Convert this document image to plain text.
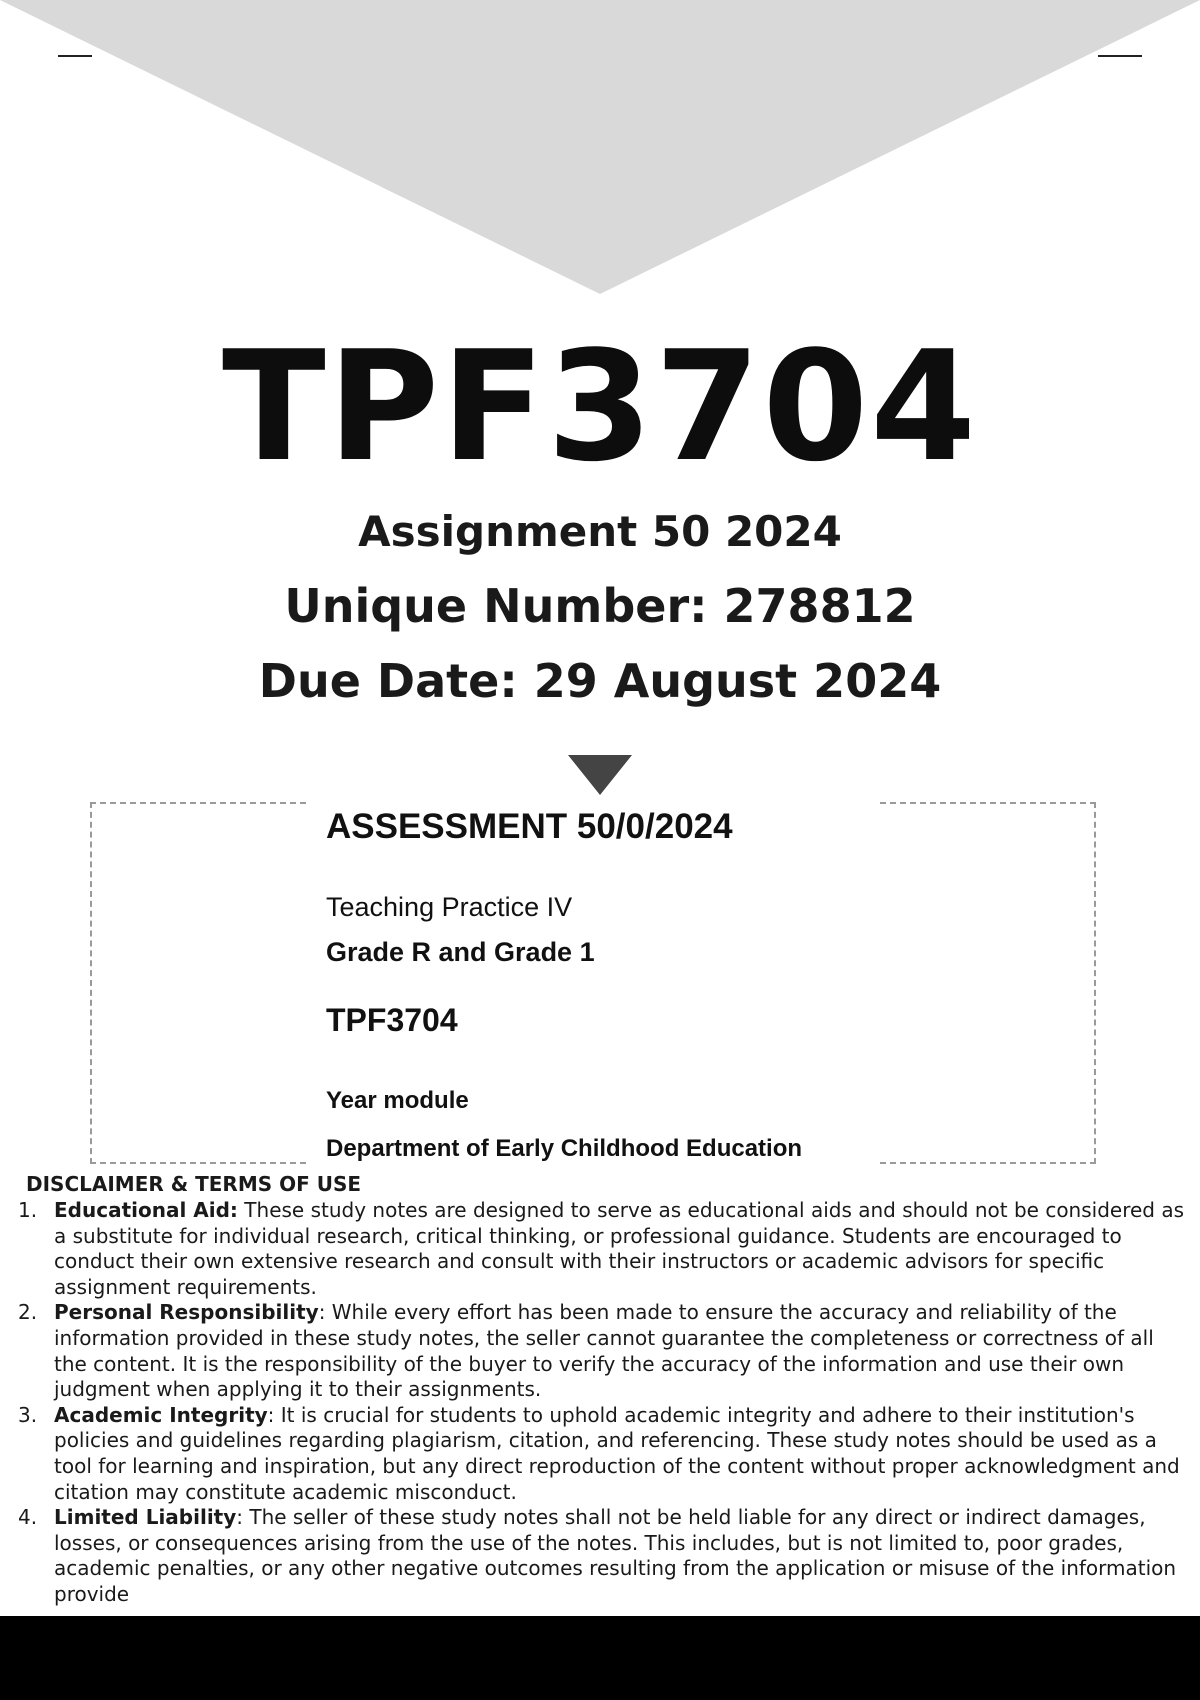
TPF3704
Assignment 50 2024
Unique Number: 278812
Due Date: 29 August 2024
ASSESSMENT 50/0/2024
Teaching Practice IV
Grade R and Grade 1
TPF3704
Year module
Department of Early Childhood Education
DISCLAIMER & TERMS OF USE
1. Educational Aid: These study notes are designed to serve as educational aids and should not be considered as a substitute for individual research, critical thinking, or professional guidance. Students are encouraged to conduct their own extensive research and consult with their instructors or academic advisors for specific assignment requirements.
2. Personal Responsibility: While every effort has been made to ensure the accuracy and reliability of the information provided in these study notes, the seller cannot guarantee the completeness or correctness of all the content. It is the responsibility of the buyer to verify the accuracy of the information and use their own judgment when applying it to their assignments.
3. Academic Integrity: It is crucial for students to uphold academic integrity and adhere to their institution's policies and guidelines regarding plagiarism, citation, and referencing. These study notes should be used as a tool for learning and inspiration, but any direct reproduction of the content without proper acknowledgment and citation may constitute academic misconduct.
4. Limited Liability: The seller of these study notes shall not be held liable for any direct or indirect damages, losses, or consequences arising from the use of the notes. This includes, but is not limited to, poor grades, academic penalties, or any other negative outcomes resulting from the application or misuse of the information provide
